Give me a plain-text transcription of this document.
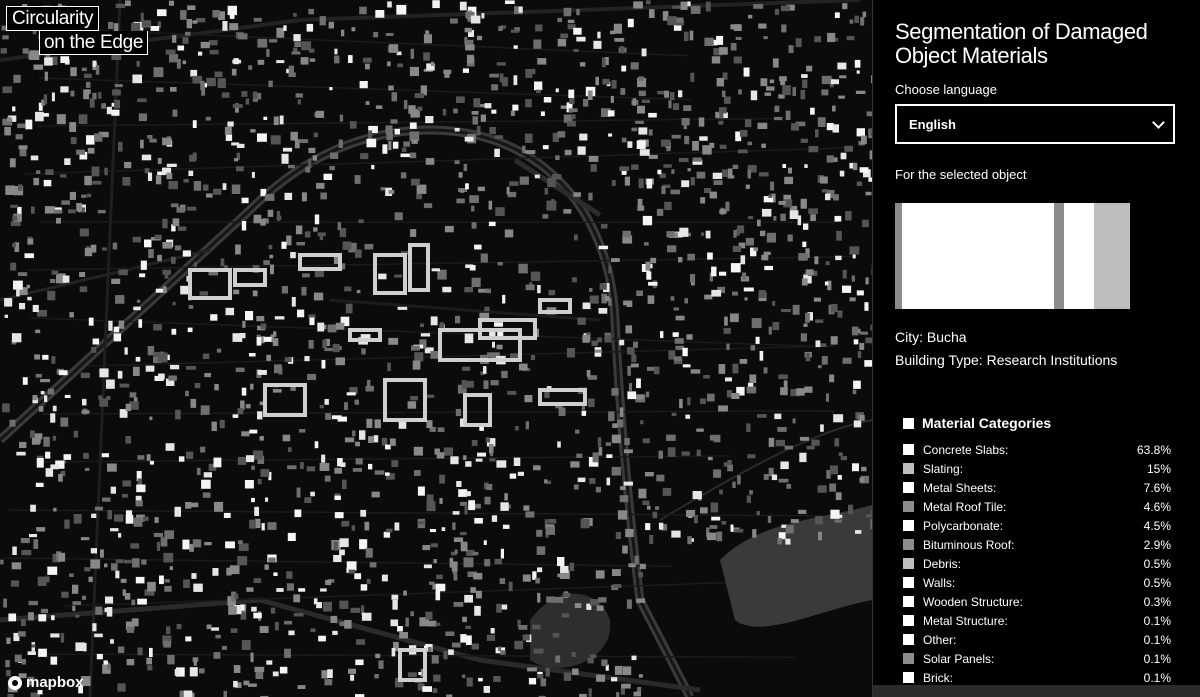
Circularity
on the Edge
mapbox
Segmentation of Damaged Object Materials
Choose language
English
For the selected object
City: Bucha
Building Type: Research Institutions
Material Categories
Concrete Slabs:	63.8%
Slating:	15%
Metal Sheets:	7.6%
Metal Roof Tile:	4.6%
Polycarbonate:	4.5%
Bituminous Roof:	2.9%
Debris:	0.5%
Walls:	0.5%
Wooden Structure:	0.3%
Metal Structure:	0.1%
Other:	0.1%
Solar Panels:	0.1%
Brick:	0.1%
